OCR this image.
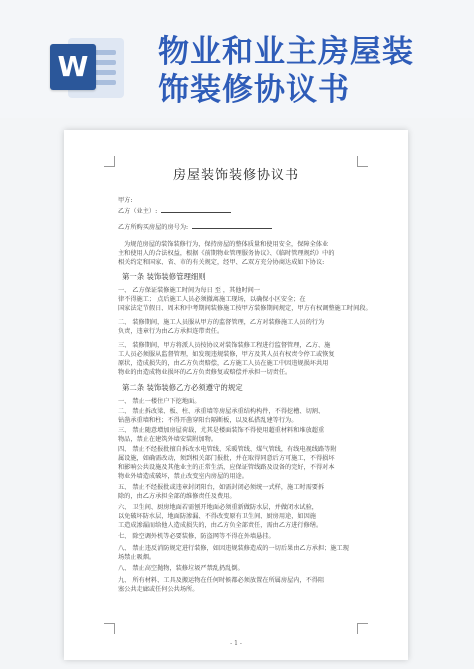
W 物业和业主房屋装
饰装修协议书
房屋装饰装修协议书
甲方:
乙方（业主）:
乙方所购买房屋的房号为:
为规范房屋的装饰装修行为，保持房屋的整体质量和使用安全，保障全体业
主和使用人的合法权益，根据《前期物业管理服务协议》、《临时管理规约》中的
相关约定和国家、省、市的有关规定，经甲、乙双方充分协商达成如下协议:
第一条 装饰装修管理细则
一、 乙方保证装修施工时间为每日 至 ，其他时间一
律不得施工； 点后施工人员必须撤离施工现场，以确保小区安全；在
国家法定节假日、周末和中考期间装修施工按甲方装修期间规定，甲方有权调整施工时间段。
二、 装修期间，施工人员服从甲方的监督管理，乙方对装修施工人员的行为
负责，违章行为由乙方承担连带责任。
三、 装修期间，甲方将派人员按协议对装饰装修工程进行监督管理，乙方、施
工人员必须服从监督管理，如发现违规装修，甲方及其人员有权责令停工或恢复
原状，造成损失的，由乙方负责赔偿，乙方施工人员在施工中因违规损坏共用
物业的由造成物业损坏的乙方负责修复或赔偿并承担一切责任。
第二条 装饰装修乙方必须遵守的规定
一、 禁止一楼住户下挖地面。
二、 禁止拆改梁、板、柱、承重墙等房屋承重结构构件，不得挖槽、切割、
钻凿承重墙和柱；不得开凿穿阳台隔断板，以及私搭乱建等行为。
三、 禁止随意增加房屋荷载，尤其是楼面装饰不得使用超重材料和堆放超重
物品，禁止在建筑外墙安装附加物。
四、 禁止不经报批擅自拆改水电管线、采暖管线、煤气管线，有线电视线路等附
属设施，如确需改动，须到相关部门报批，并在取得同意后方可施工，不得损坏
和影响公共设施及其他业主的正常生活，应保证管线路及设备的完好，不得对本
物业外墙造成破坏，禁止改变室内房屋的用途。
五、 禁止不经报批或违章封闭阳台，如需封闭必须统一式样，施工时需要拆
除的，由乙方承担全部的维修责任及费用。
六、 卫生间、厨房地面若需刨开地面必须重新做防水层，并做闭水试验，
以免破坏防水层，地面防渗漏、不得改变原有卫生间、厨房用途，如因施
工造成渗漏而给他人造成损失的，由乙方负全部责任，需由乙方进行修缮。
七、 除空调外机等必要装修，防盗网等不得在外墙悬挂。
八、 禁止违反消防规定进行装修，如因违规装修造成的一切后果由乙方承担；施工现
场禁止吸烟。
八、 禁止高空抛物，装修垃圾严禁乱扔乱倒。
九、 所有材料、工具及搬运物在任何时候都必须放置在所属房屋内，不得阻
塞公共走廊或任何公共场所。
- 1 -
